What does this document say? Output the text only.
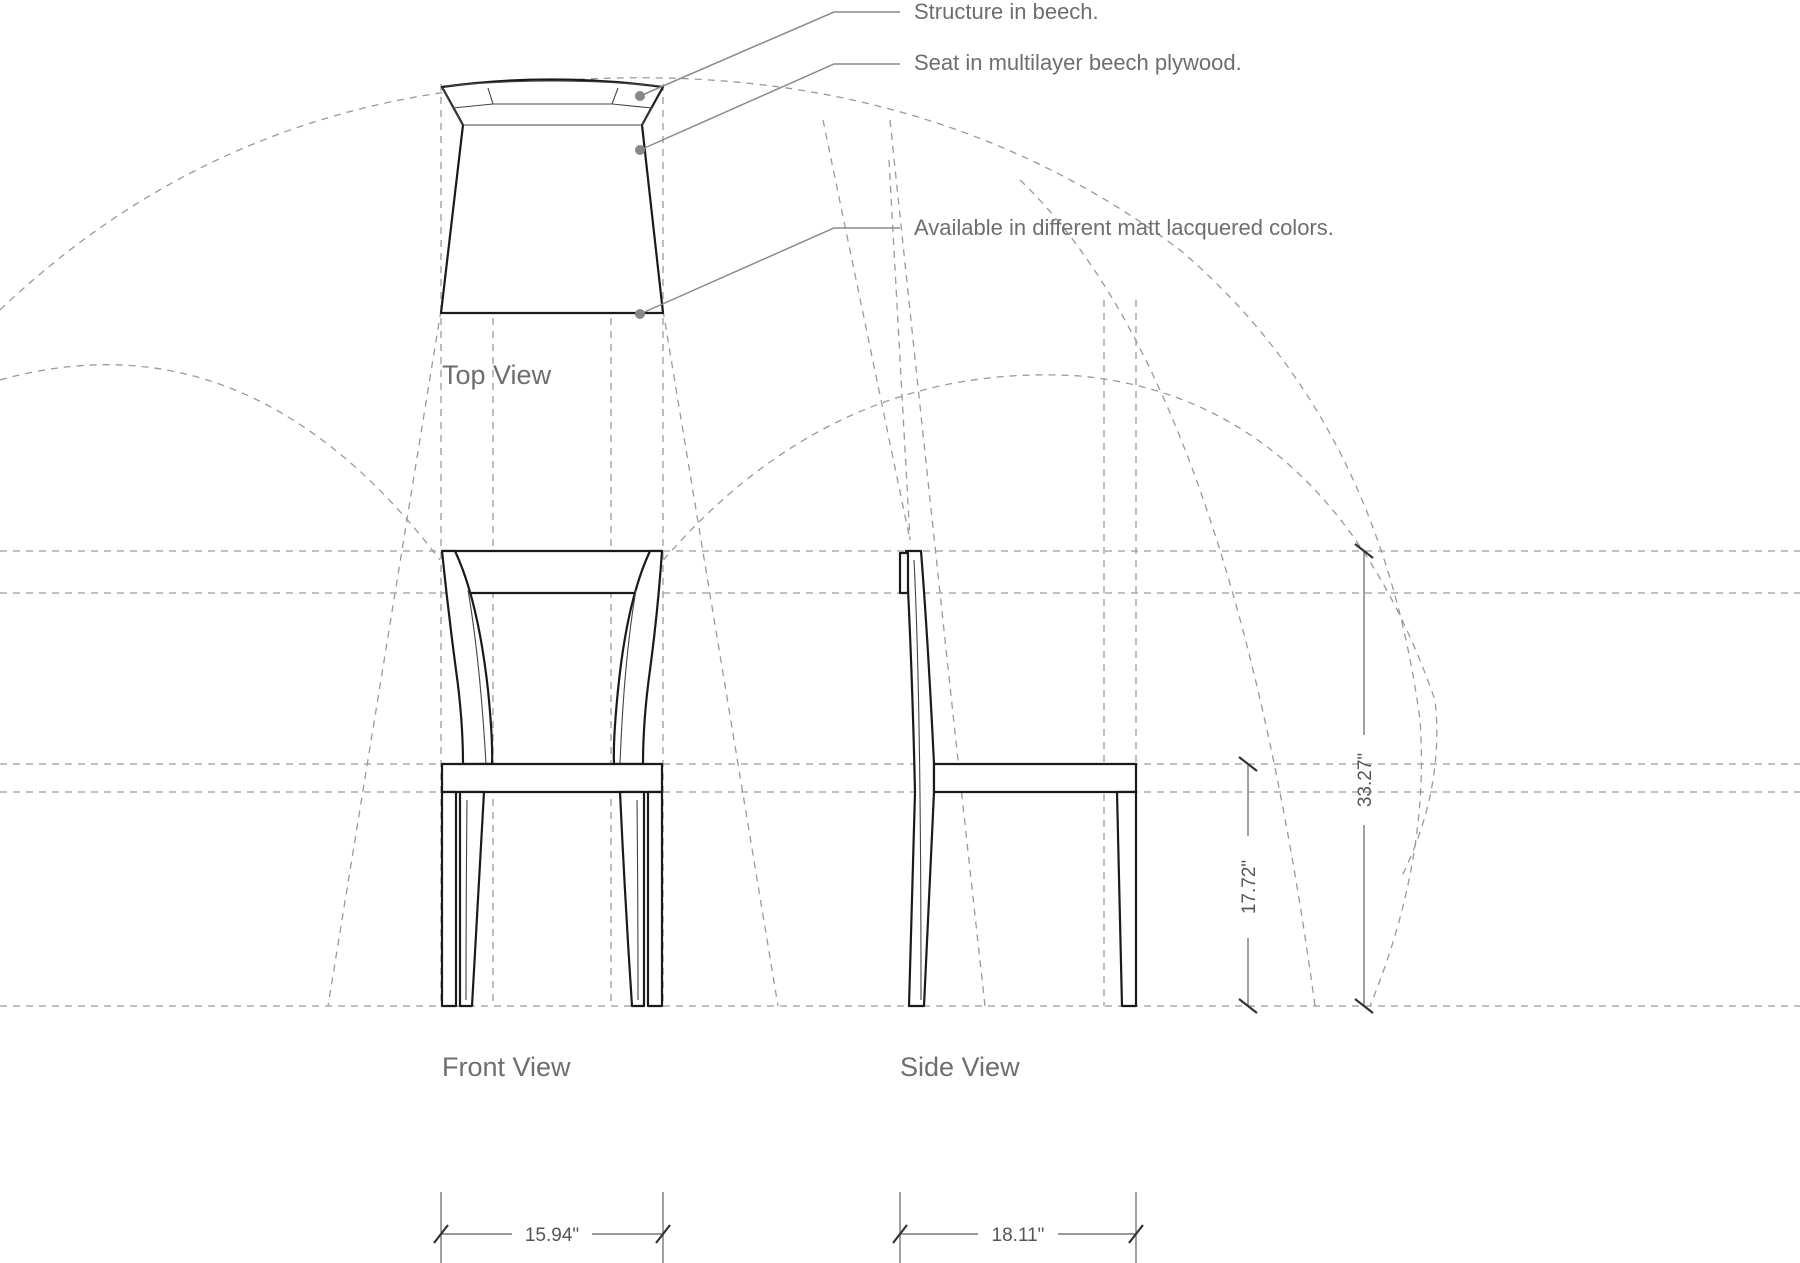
Structure in beech.
Seat in multilayer beech plywood.
Available in different matt lacquered colors.
Top View
Front View	Side View
15.94"	18.11"
17.72"
33.27"
